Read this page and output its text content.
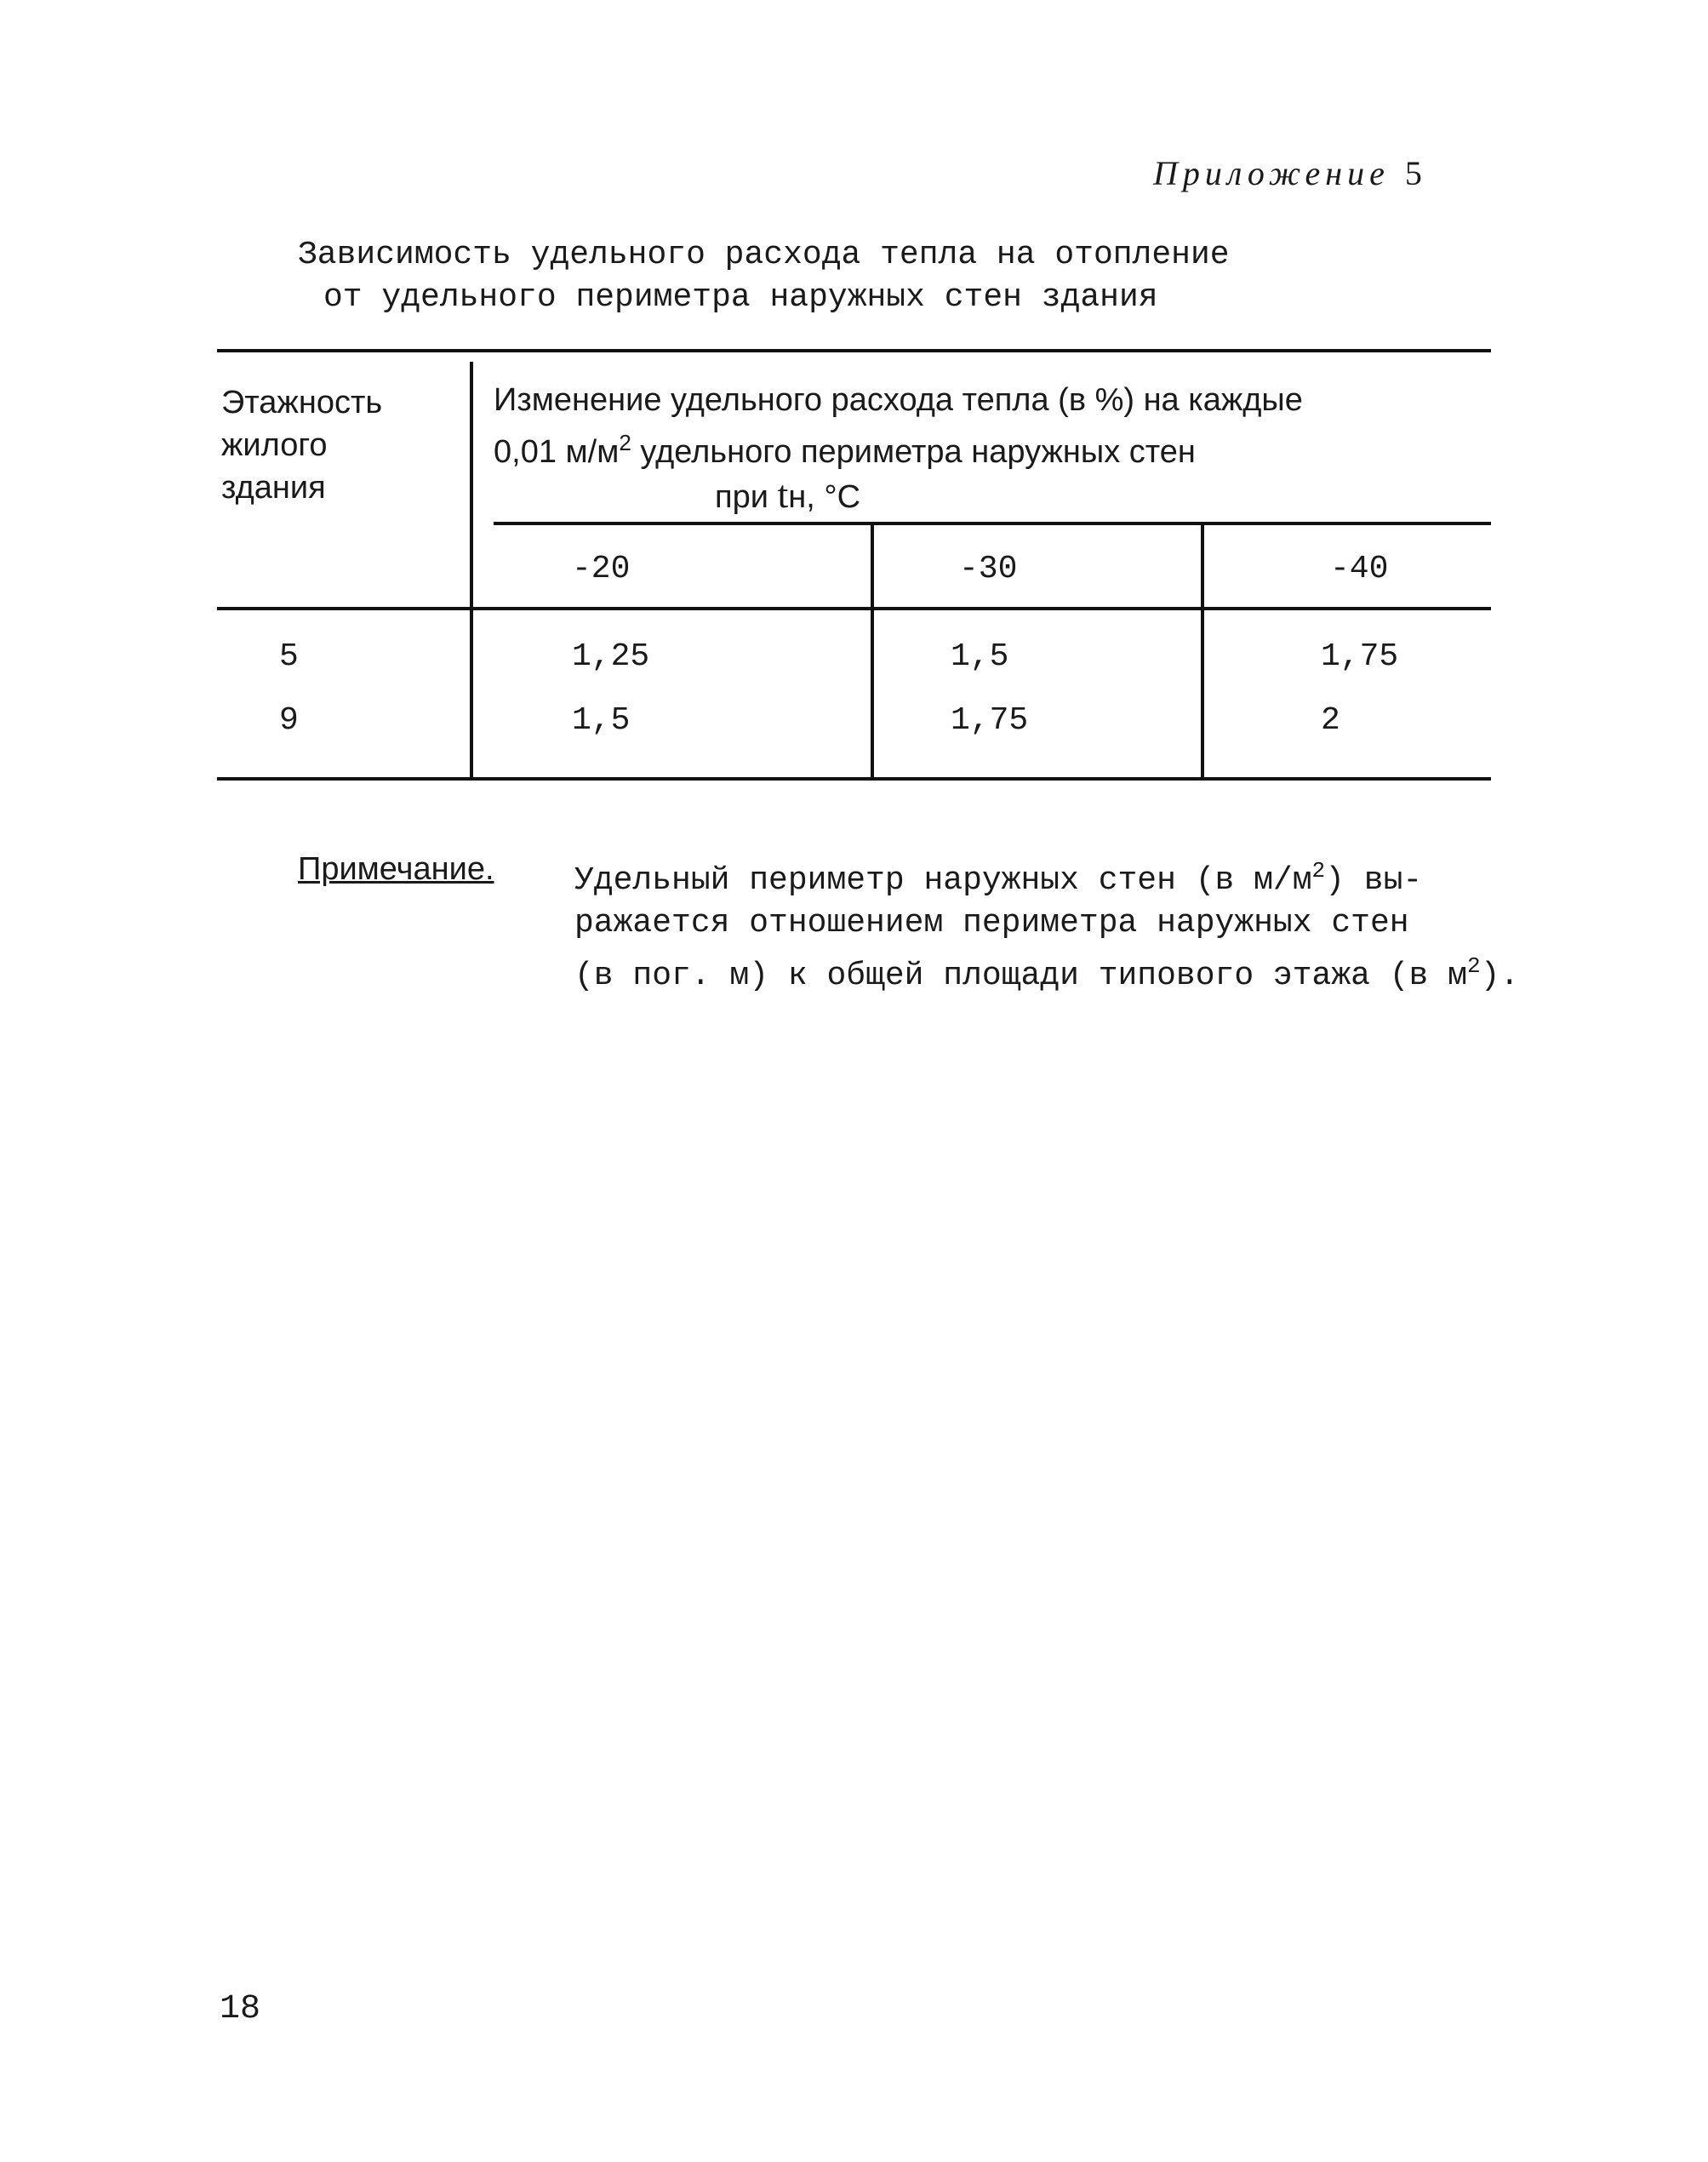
Приложение 5
Зависимость удельного расхода тепла на отопление
от удельного периметра наружных стен здания
Этажность
жилого
здания
Изменение удельного расхода тепла (в %) на каждые
0,01 $м/м^2$ удельного периметра наружных стен
при tн, °С
-20	-30	-40
5	1,25	1,5	1,75
9	1,5	1,75	2
Примечание. Удельный периметр наружных стен (в $м/м^2$) вы-
ражается отношением периметра наружных стен
(в пог. м) к общей площади типового этажа (в $м^2$).
18
